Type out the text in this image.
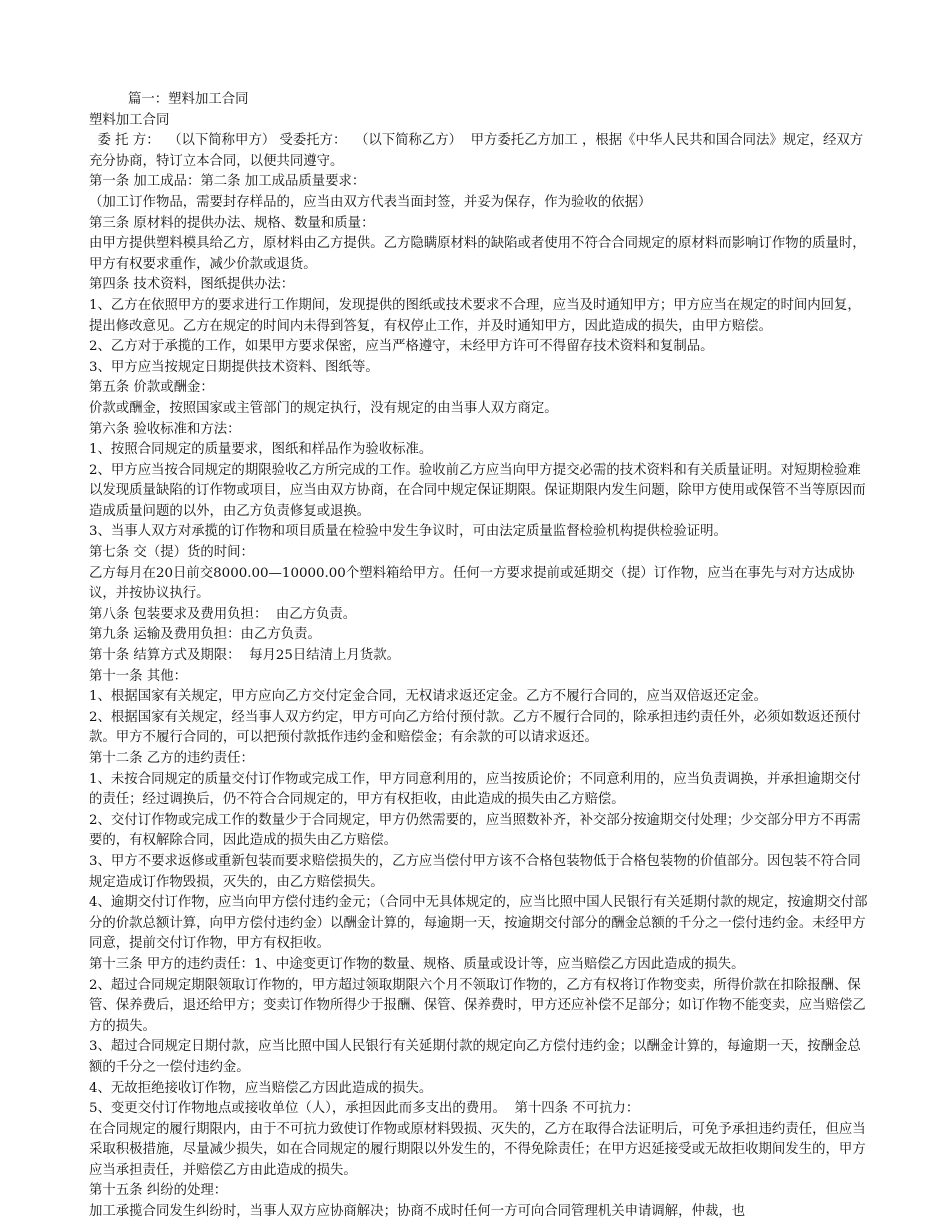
篇一：塑料加工合同

塑料加工合同

委 托 方：  （以下简称甲方） 受委托方：  （以下简称乙方）  甲方委托乙方加工 ，根据《中华人民共和国合同法》规定，经双方充分协商，特订立本合同，以便共同遵守。

第一条 加工成品：第二条 加工成品质量要求：

（加工订作物品，需要封存样品的，应当由双方代表当面封签，并妥为保存，作为验收的依据）

第三条 原材料的提供办法、规格、数量和质量：

由甲方提供塑料模具给乙方，原材料由乙方提供。乙方隐瞒原材料的缺陷或者使用不符合合同规定的原材料而影响订作物的质量时，甲方有权要求重作，减少价款或退货。

第四条 技术资料，图纸提供办法：

1、乙方在依照甲方的要求进行工作期间，发现提供的图纸或技术要求不合理，应当及时通知甲方；甲方应当在规定的时间内回复，提出修改意见。乙方在规定的时间内未得到答复，有权停止工作，并及时通知甲方，因此造成的损失，由甲方赔偿。

2、乙方对于承揽的工作，如果甲方要求保密，应当严格遵守，未经甲方许可不得留存技术资料和复制品。

3、甲方应当按规定日期提供技术资料、图纸等。

第五条 价款或酬金：

价款或酬金，按照国家或主管部门的规定执行，没有规定的由当事人双方商定。

第六条 验收标准和方法：

1、按照合同规定的质量要求，图纸和样品作为验收标准。

2、甲方应当按合同规定的期限验收乙方所完成的工作。验收前乙方应当向甲方提交必需的技术资料和有关质量证明。对短期检验难以发现质量缺陷的订作物或项目，应当由双方协商，在合同中规定保证期限。保证期限内发生问题，除甲方使用或保管不当等原因而造成质量问题的以外，由乙方负责修复或退换。

3、当事人双方对承揽的订作物和项目质量在检验中发生争议时，可由法定质量监督检验机构提供检验证明。

第七条 交（提）货的时间：

乙方每月在20日前交8000.00—10000.00个塑料箱给甲方。任何一方要求提前或延期交（提）订作物，应当在事先与对方达成协议，并按协议执行。

第八条 包装要求及费用负担：  由乙方负责。

第九条 运输及费用负担：由乙方负责。

第十条 结算方式及期限：  每月25日结清上月货款。

第十一条 其他：

1、根据国家有关规定，甲方应向乙方交付定金合同，无权请求返还定金。乙方不履行合同的，应当双倍返还定金。

2、根据国家有关规定，经当事人双方约定，甲方可向乙方给付预付款。乙方不履行合同的，除承担违约责任外，必须如数返还预付款。甲方不履行合同的，可以把预付款抵作违约金和赔偿金；有余款的可以请求返还。

第十二条 乙方的违约责任：

1、未按合同规定的质量交付订作物或完成工作，甲方同意利用的，应当按质论价；不同意利用的，应当负责调换，并承担逾期交付的责任；经过调换后，仍不符合合同规定的，甲方有权拒收，由此造成的损失由乙方赔偿。

2、交付订作物或完成工作的数量少于合同规定，甲方仍然需要的，应当照数补齐，补交部分按逾期交付处理；少交部分甲方不再需要的，有权解除合同，因此造成的损失由乙方赔偿。

3、甲方不要求返修或重新包装而要求赔偿损失的，乙方应当偿付甲方该不合格包装物低于合格包装物的价值部分。因包装不符合同规定造成订作物毁损，灭失的，由乙方赔偿损失。

4、逾期交付订作物，应当向甲方偿付违约金元；（合同中无具体规定的，应当比照中国人民银行有关延期付款的规定，按逾期交付部分的价款总额计算，向甲方偿付违约金）以酬金计算的，每逾期一天，按逾期交付部分的酬金总额的千分之一偿付违约金。未经甲方同意，提前交付订作物，甲方有权拒收。

第十三条 甲方的违约责任：1、中途变更订作物的数量、规格、质量或设计等，应当赔偿乙方因此造成的损失。

2、超过合同规定期限领取订作物的，甲方超过领取期限六个月不领取订作物的，乙方有权将订作物变卖，所得价款在扣除报酬、保管、保养费后，退还给甲方；变卖订作物所得少于报酬、保管、保养费时，甲方还应补偿不足部分；如订作物不能变卖，应当赔偿乙方的损失。

3、超过合同规定日期付款，应当比照中国人民银行有关延期付款的规定向乙方偿付违约金；以酬金计算的，每逾期一天，按酬金总额的千分之一偿付违约金。

4、无故拒绝接收订作物，应当赔偿乙方因此造成的损失。

5、变更交付订作物地点或接收单位（人），承担因此而多支出的费用。  第十四条 不可抗力：

在合同规定的履行期限内，由于不可抗力致使订作物或原材料毁损、灭失的，乙方在取得合法证明后，可免予承担违约责任，但应当采取积极措施，尽量减少损失，如在合同规定的履行期限以外发生的，不得免除责任；在甲方迟延接受或无故拒收期间发生的，甲方应当承担责任，并赔偿乙方由此造成的损失。

第十五条 纠纷的处理：

加工承揽合同发生纠纷时，当事人双方应协商解决；协商不成时任何一方可向合同管理机关申请调解，仲裁，也
